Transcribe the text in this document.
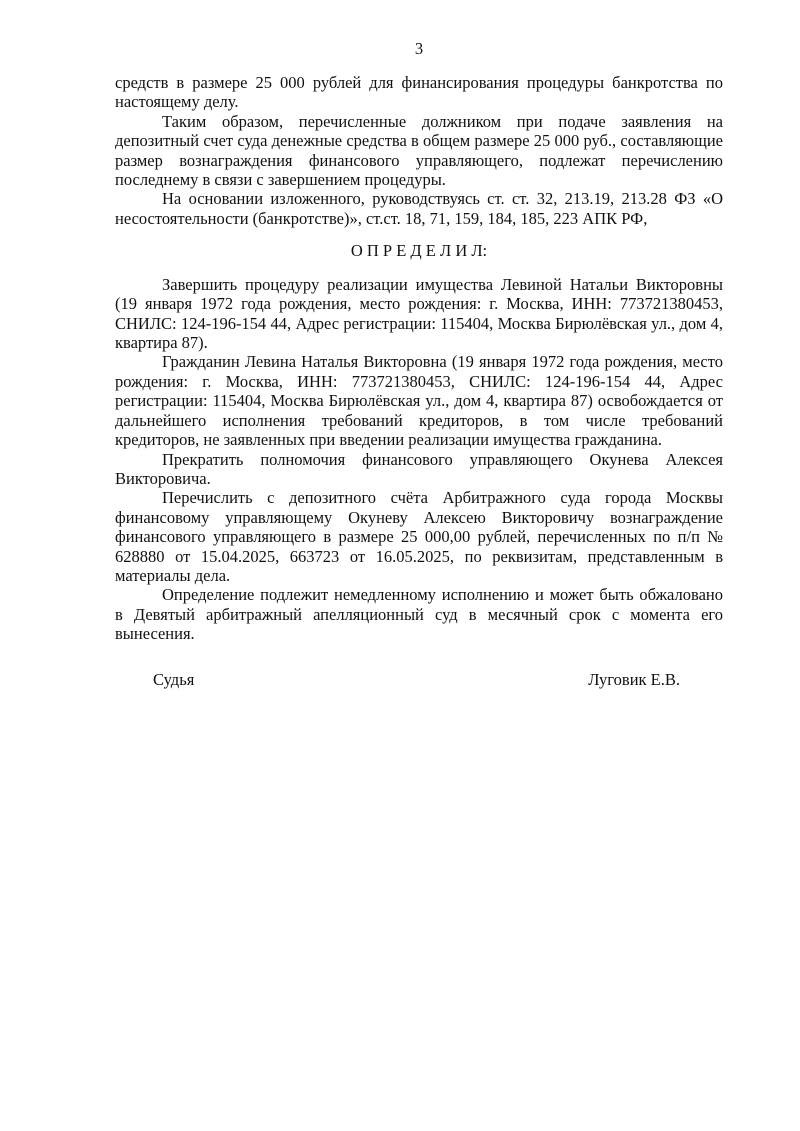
3

средств в размере 25 000 рублей для финансирования процедуры банкротства по настоящему делу.

Таким образом, перечисленные должником при подаче заявления на депозитный счет суда денежные средства в общем размере 25 000 руб., составляющие размер вознаграждения финансового управляющего, подлежат перечислению последнему в связи с завершением процедуры.

На основании изложенного, руководствуясь ст. ст. 32, 213.19, 213.28 ФЗ «О несостоятельности (банкротстве)», ст.ст. 18, 71, 159, 184, 185, 223 АПК РФ,

О П Р Е Д Е Л И Л:

Завершить процедуру реализации имущества Левиной Натальи Викторовны (19 января 1972 года рождения, место рождения: г. Москва, ИНН: 773721380453, СНИЛС: 124-196-154 44, Адрес регистрации: 115404, Москва Бирюлёвская ул., дом 4, квартира 87).

Гражданин Левина Наталья Викторовна (19 января 1972 года рождения, место рождения: г. Москва, ИНН: 773721380453, СНИЛС: 124-196-154 44, Адрес регистрации: 115404, Москва Бирюлёвская ул., дом 4, квартира 87) освобождается от дальнейшего исполнения требований кредиторов, в том числе требований кредиторов, не заявленных при введении реализации имущества гражданина.

Прекратить полномочия финансового управляющего Окунева Алексея Викторовича.

Перечислить с депозитного счёта Арбитражного суда города Москвы финансовому управляющему Окуневу Алексею Викторовичу вознаграждение финансового управляющего в размере 25 000,00 рублей, перечисленных по п/п № 628880 от 15.04.2025, 663723 от 16.05.2025, по реквизитам, представленным в материалы дела.

Определение подлежит немедленному исполнению и может быть обжаловано в Девятый арбитражный апелляционный суд в месячный срок с момента его вынесения.

Судья	Луговик Е.В.
